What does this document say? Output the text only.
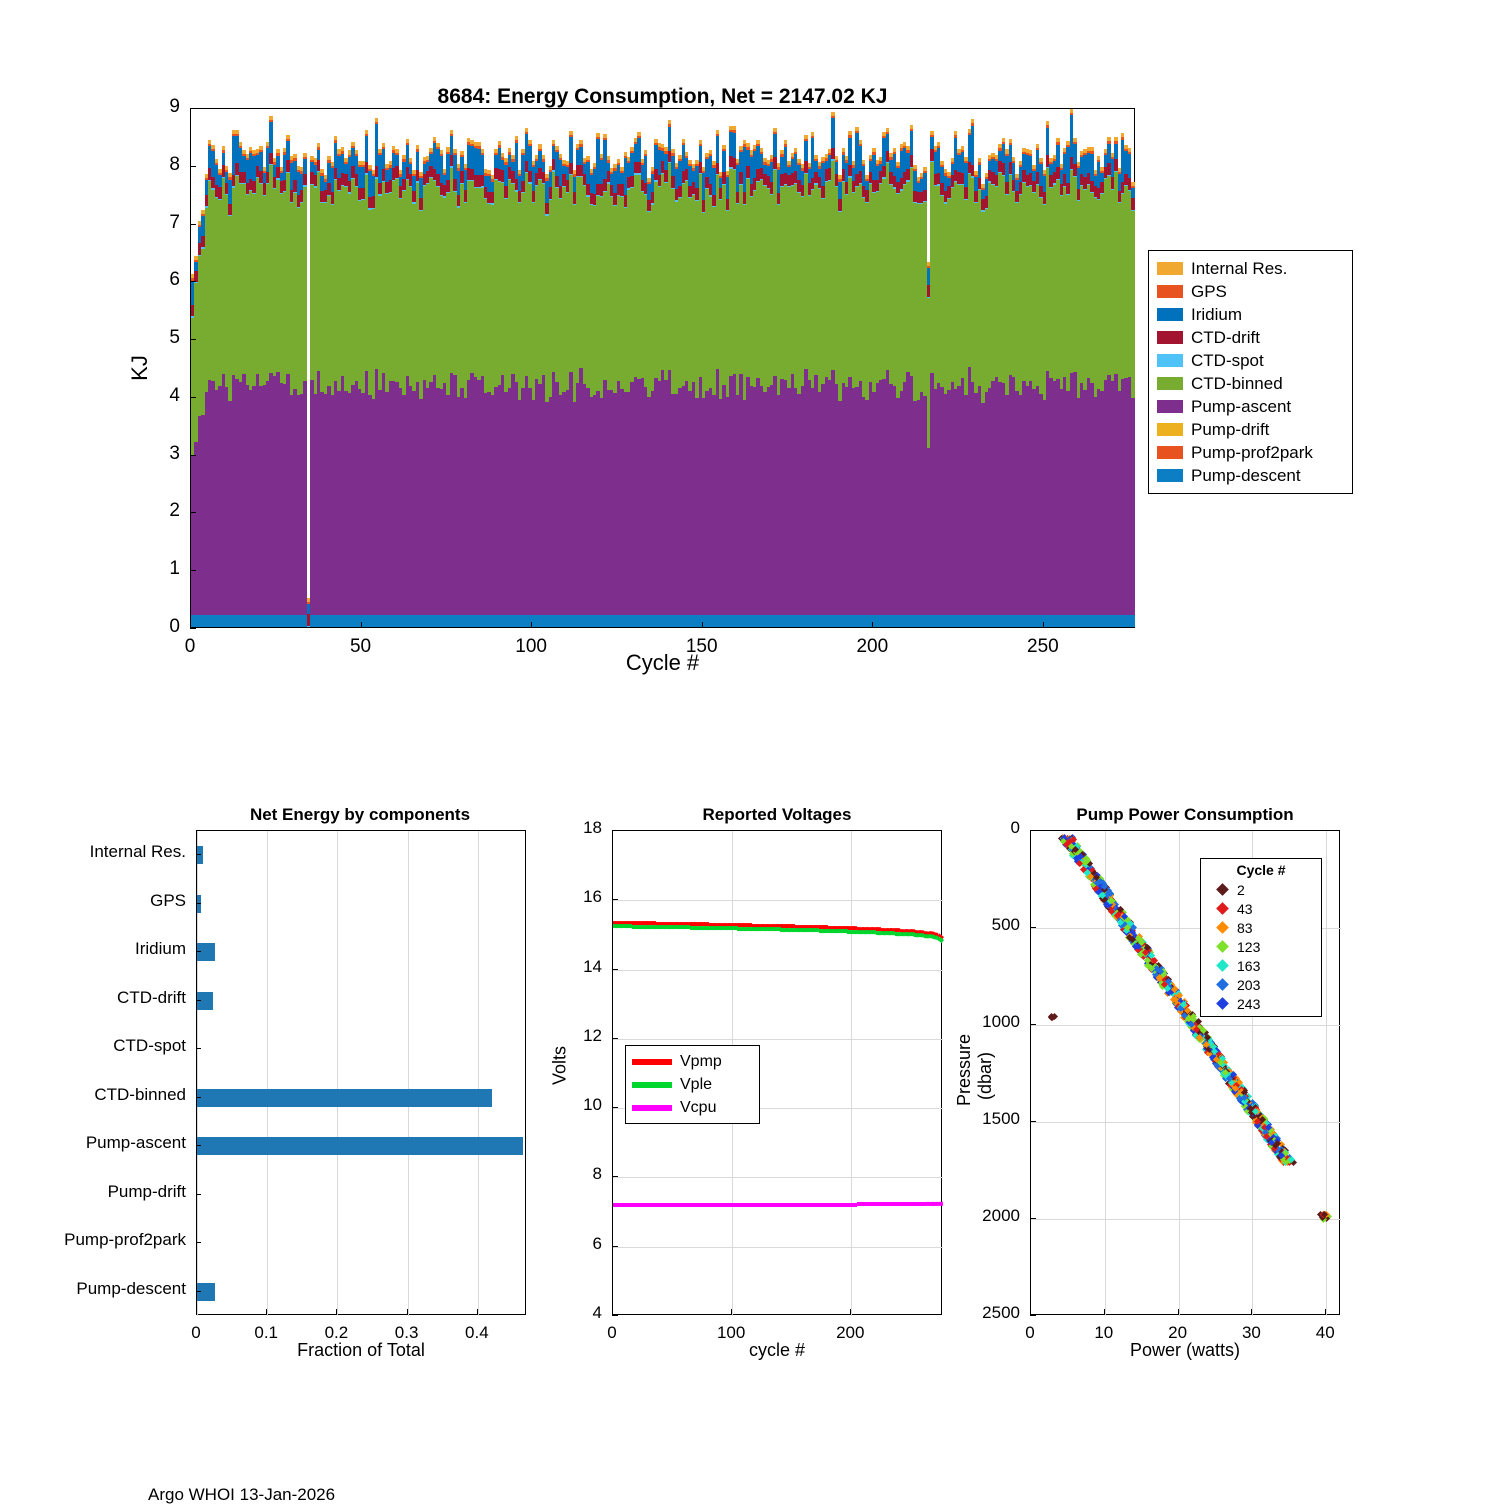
8684: Energy Consumption, Net = 2147.02 KJ
Cycle #
KJ
0	50	100	150	200	250
0
1
2
3
4
5
6
7
8
9
Internal Res.
GPS
Iridium
CTD-drift
CTD-spot
CTD-binned
Pump-ascent
Pump-drift
Pump-prof2park
Pump-descent
Net Energy by components
Fraction of Total
0	0.1	0.2	0.3	0.4
Internal Res.
GPS
Iridium
CTD-drift
CTD-spot
CTD-binned
Pump-ascent
Pump-drift
Pump-prof2park
Pump-descent
Reported Voltages
cycle #
Volts
0	100	200
4
6
8
10
12
14
16
18
Vpmp
Vple
Vcpu
Pump Power Consumption
Power (watts)
Pressure (dbar)
0	10	20	30	40
0
500
1000
1500
2000
2500
Cycle #
2
43
83
123
163
203
243
Argo WHOI 13-Jan-2026
